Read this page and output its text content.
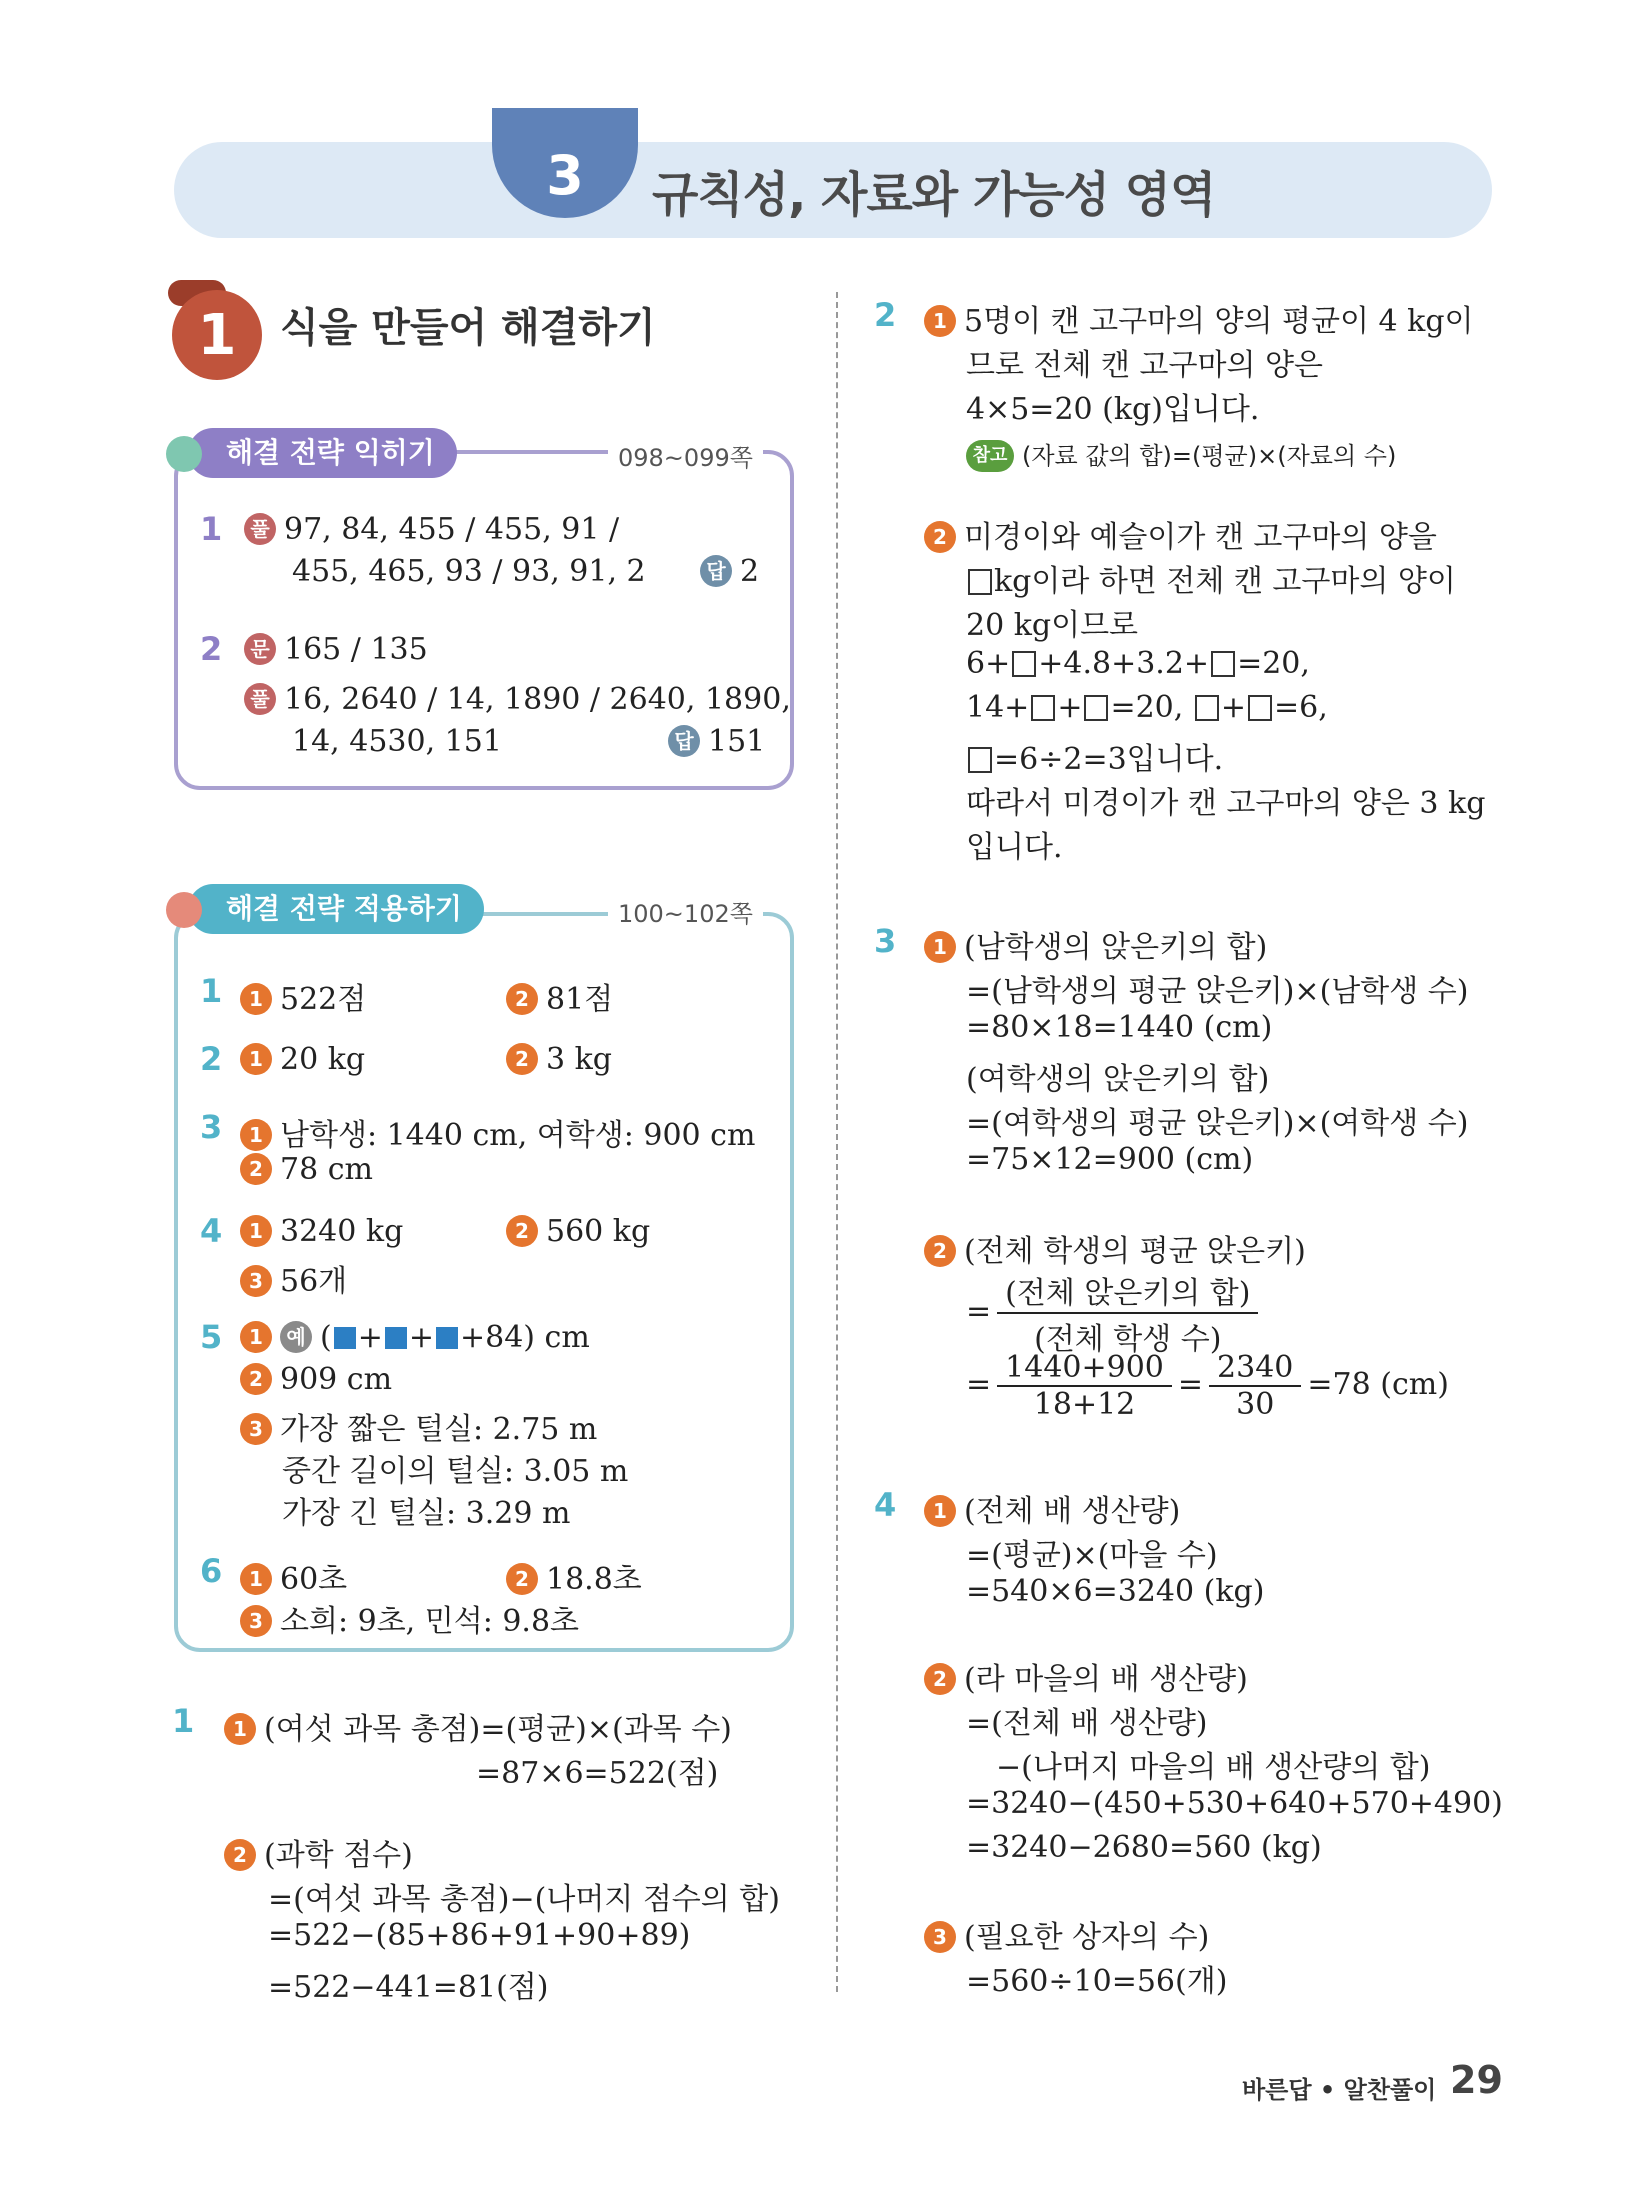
3	규칙성, 자료와 가능성 영역
1	식을 만들어 해결하기
해결 전략 익히기	098~099쪽
1	풀 97, 84, 455 / 455, 91 /
455, 465, 93 / 93, 91, 2	답 2
2	문 165 / 135
풀 16, 2640 / 14, 1890 / 2640, 1890,
14, 4530, 151	답 151
해결 전략 적용하기	100~102쪽
1	1 522점	2 81점
2	1 20 kg	2 3 kg
3	1 남학생: 1440 cm, 여학생: 900 cm
2 78 cm
4	1 3240 kg	2 560 kg
3 56개
5	1 예 ( + + +84) cm
2 909 cm
3 가장 짧은 털실: 2.75 m
중간 길이의 털실: 3.05 m
가장 긴 털실: 3.29 m
6	1 60초	2 18.8초
3 소희: 9초, 민석: 9.8초
1	1 (여섯 과목 총점)=(평균)×(과목 수)
=87×6=522(점)
2 (과학 점수)
=(여섯 과목 총점)−(나머지 점수의 합)
=522−(85+86+91+90+89)
=522−441=81(점)
2	1 5명이 캔 고구마의 양의 평균이 4 kg이
므로 전체 캔 고구마의 양은
4×5=20 (kg)입니다.
참고 (자료 값의 합)=(평균)×(자료의 수)
2 미경이와 예슬이가 캔 고구마의 양을
kg이라 하면 전체 캔 고구마의 양이
20 kg이므로
6+ +4.8+3.2+ =20,
14+ + =20, + =6,
=6÷2=3입니다.
따라서 미경이가 캔 고구마의 양은 3 kg
입니다.
3	1 (남학생의 앉은키의 합)
=(남학생의 평균 앉은키)×(남학생 수)
=80×18=1440 (cm)
(여학생의 앉은키의 합)
=(여학생의 평균 앉은키)×(여학생 수)
=75×12=900 (cm)
2 (전체 학생의 평균 앉은키)
= $\frac{\text{(전체 앉은키의 합)}}{\text{(전체 학생 수)}}$
= $\frac{1440+900}{18+12} = \frac{2340}{30} =78$ (cm)
4	1 (전체 배 생산량)
=(평균)×(마을 수)
=540×6=3240 (kg)
2 (라 마을의 배 생산량)
=(전체 배 생산량)
−(나머지 마을의 배 생산량의 합)
=3240−(450+530+640+570+490)
=3240−2680=560 (kg)
3 (필요한 상자의 수)
=560÷10=56(개)
바른답 • 알찬풀이 29
